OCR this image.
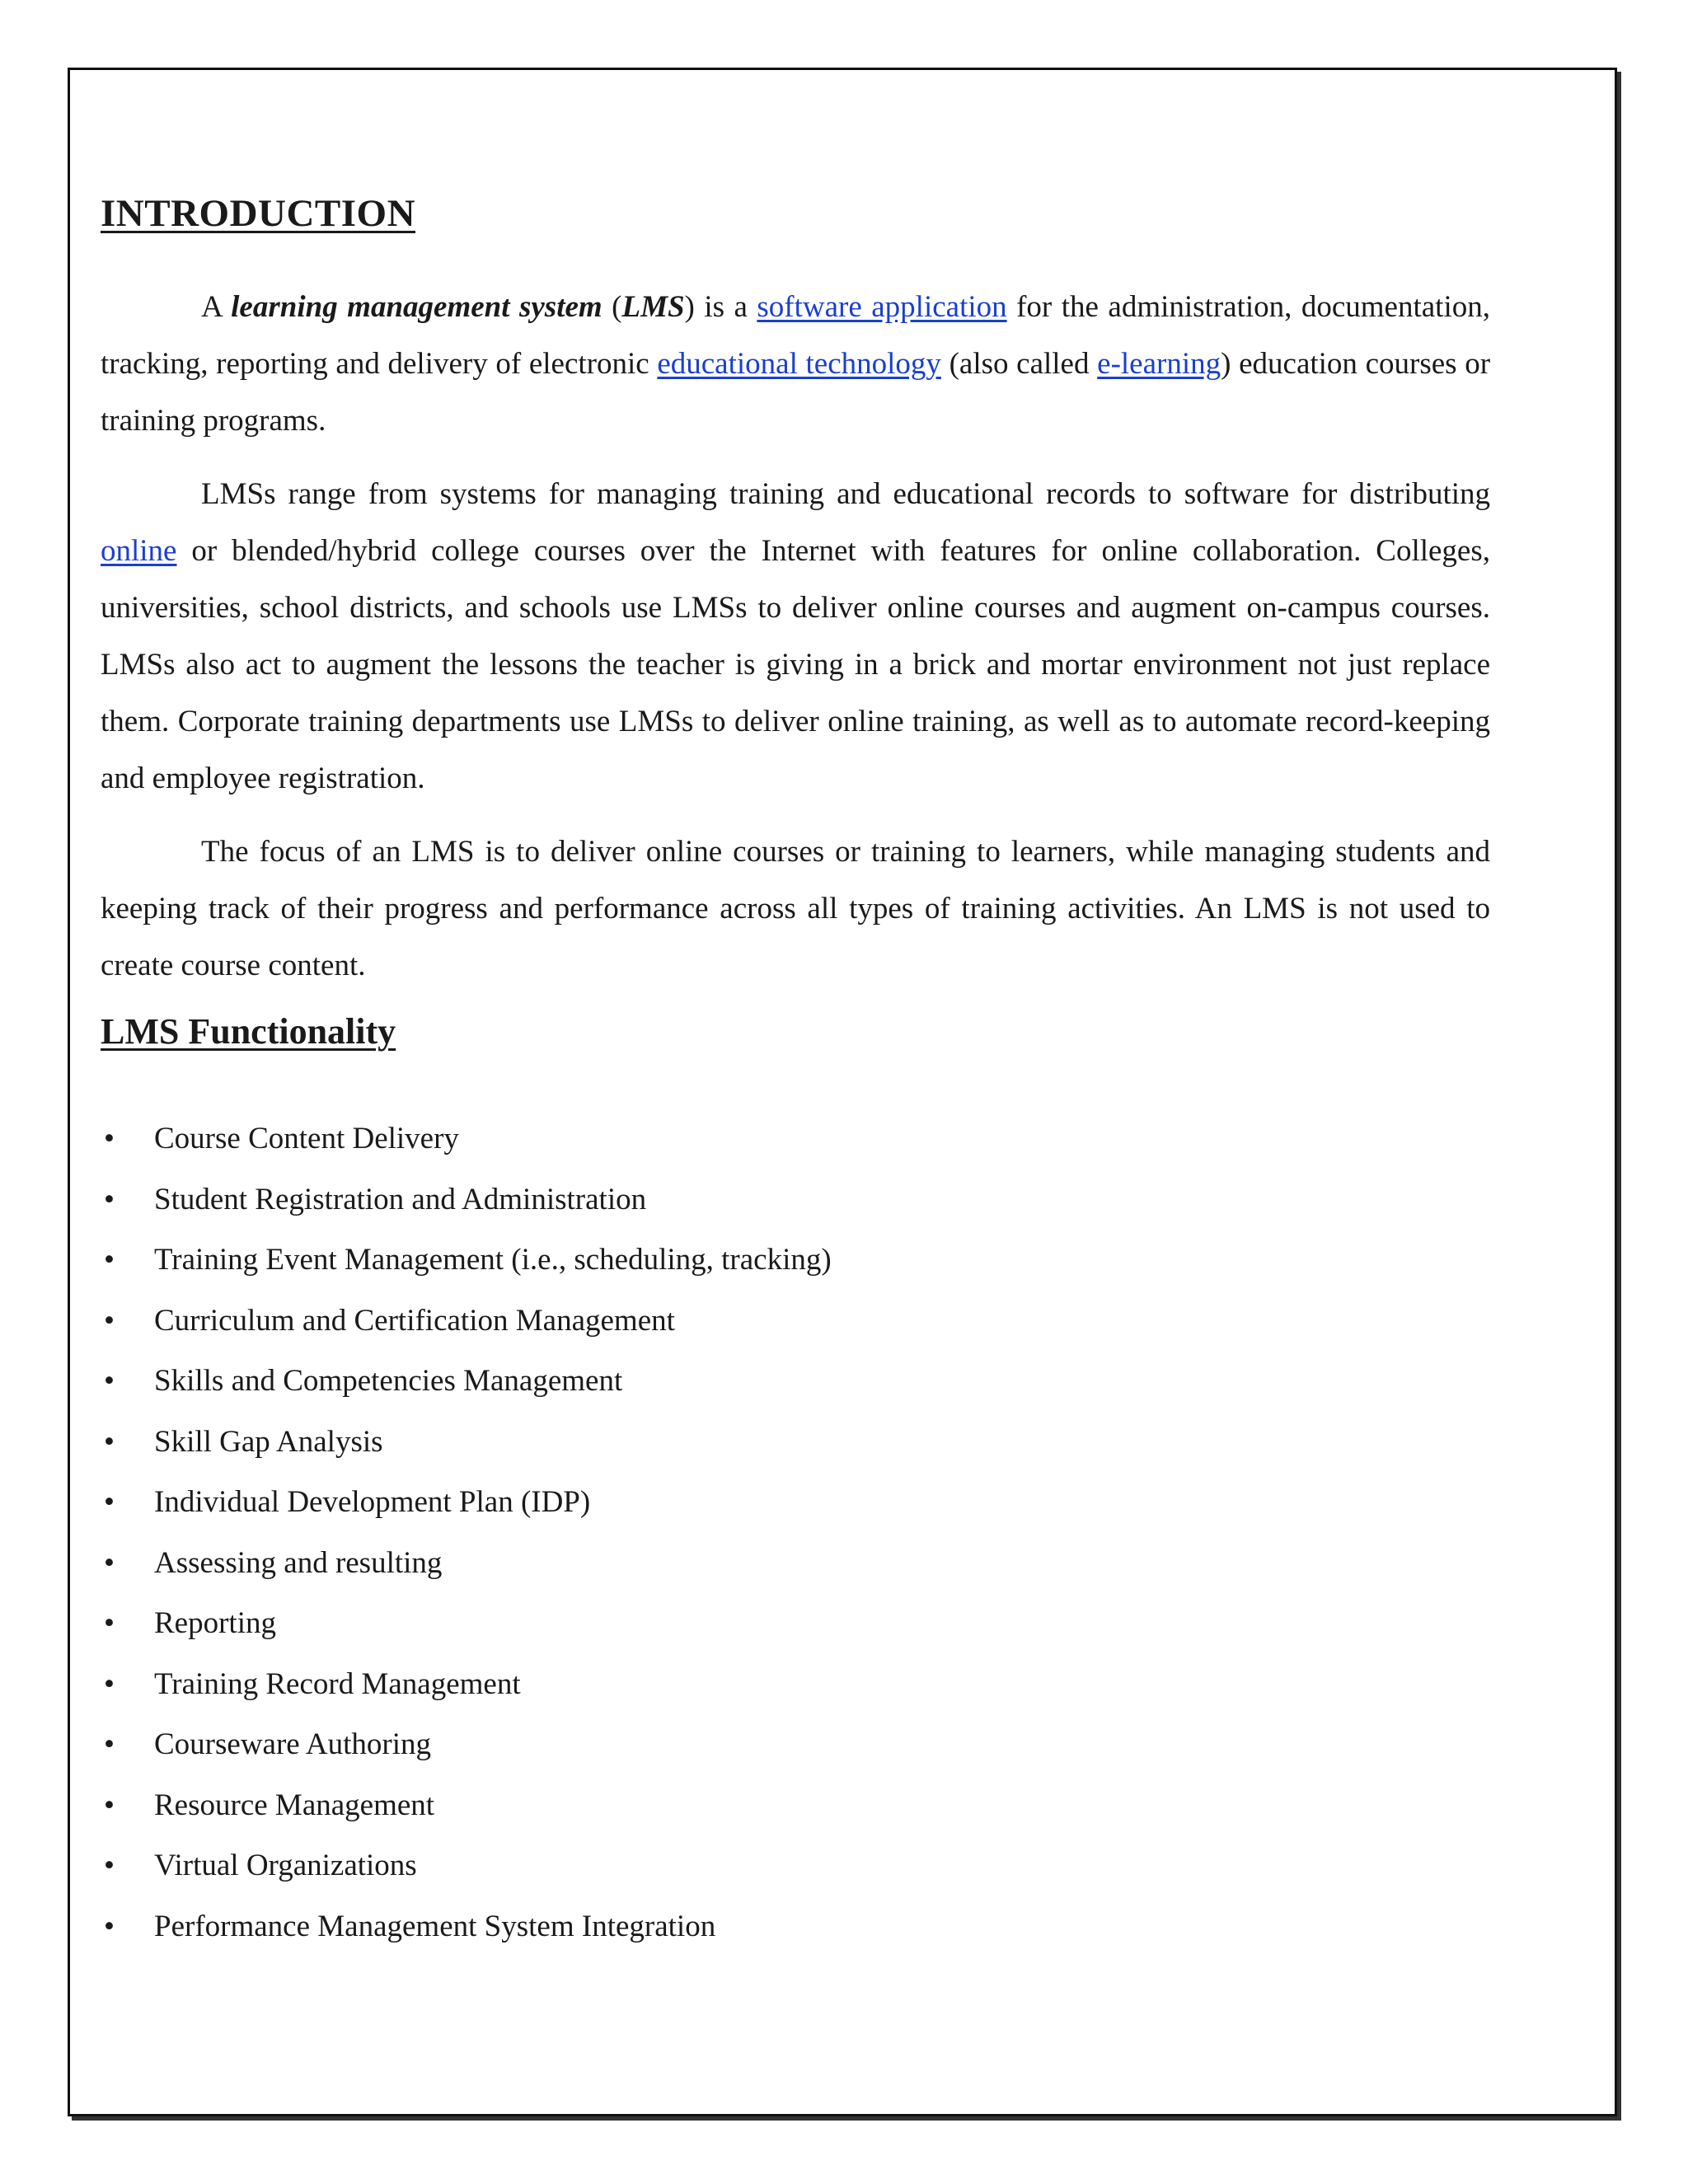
INTRODUCTION

A learning management system (LMS) is a software application for the administration, documentation, tracking, reporting and delivery of electronic educational technology (also called e-learning) education courses or training programs.

LMSs range from systems for managing training and educational records to software for distributing online or blended/hybrid college courses over the Internet with features for online collaboration. Colleges, universities, school districts, and schools use LMSs to deliver online courses and augment on-campus courses. LMSs also act to augment the lessons the teacher is giving in a brick and mortar environment not just replace them. Corporate training departments use LMSs to deliver online training, as well as to automate record-keeping and employee registration.

The focus of an LMS is to deliver online courses or training to learners, while managing students and keeping track of their progress and performance across all types of training activities. An LMS is not used to create course content.

LMS Functionality
• Course Content Delivery
• Student Registration and Administration
• Training Event Management (i.e., scheduling, tracking)
• Curriculum and Certification Management
• Skills and Competencies Management
• Skill Gap Analysis
• Individual Development Plan (IDP)
• Assessing and resulting
• Reporting
• Training Record Management
• Courseware Authoring
• Resource Management
• Virtual Organizations
• Performance Management System Integration
